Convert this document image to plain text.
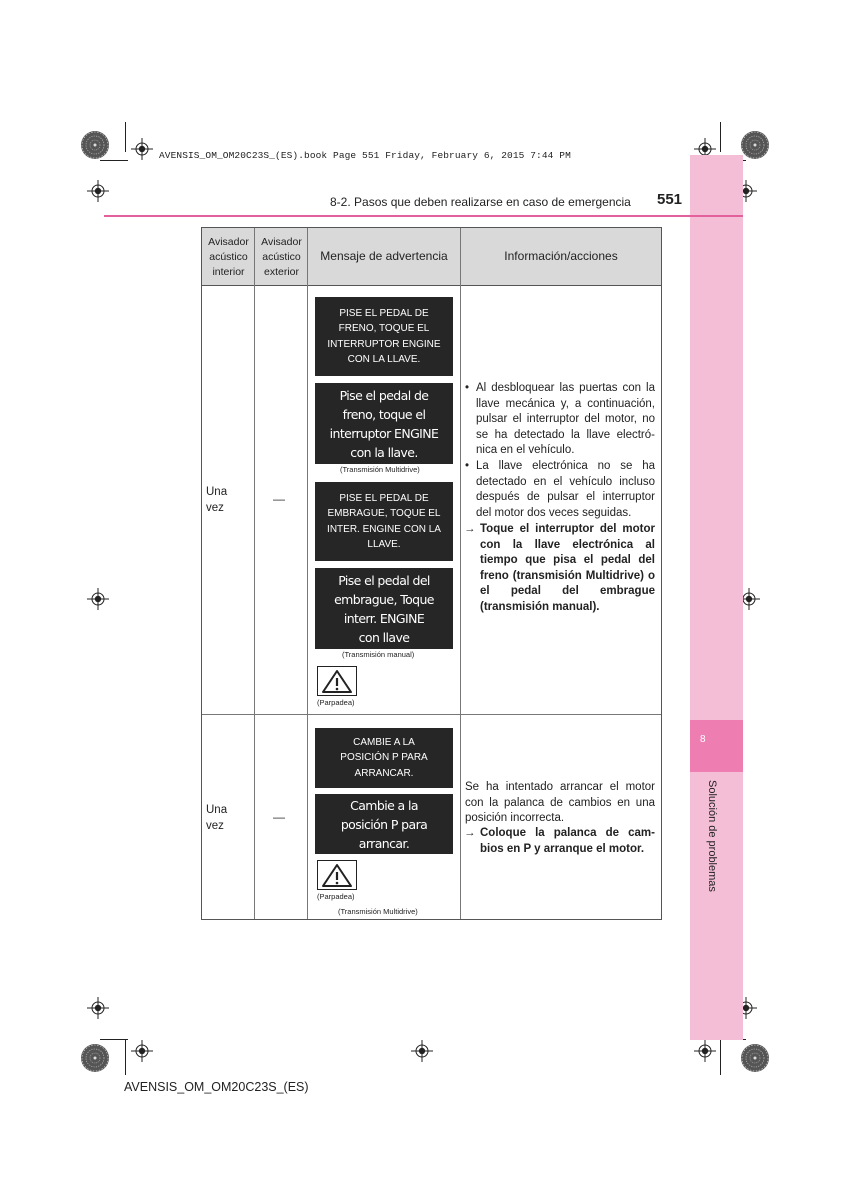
AVENSIS_OM_OM20C23S_(ES).book Page 551 Friday, February 6, 2015 7:44 PM
8
Solución de problemas
8-2. Pasos que deben realizarse en caso de emergencia 551
Avisador acústico interior
Avisador acústico exterior
Mensaje de advertencia	Información/acciones
Una vez
—
PISE EL PEDAL DE FRENO, TOQUE EL INTERRUPTOR ENGINE CON LA LLAVE.
Pise el pedal de freno, toque el interruptor ENGINE con la llave.
(Transmisión Multidrive)
PISE EL PEDAL DE EMBRAGUE, TOQUE EL INTER. ENGINE CON LA LLAVE.
Pise el pedal del embrague, Toque interr. ENGINE con llave
(Transmisión manual)
(Parpadea)
• Al desbloquear las puertas con la llave mecánica y, a continuación, pulsar el interruptor del motor, no se ha detectado la llave electró-nica en el vehículo.
• La llave electrónica no se ha detectado en el vehículo incluso después de pulsar el interruptor del motor dos veces seguidas.
→ Toque el interruptor del motor con la llave electrónica al tiempo que pisa el pedal del freno (transmisión Multidrive) o el pedal del embrague (transmisión manual).
Una vez
—
CAMBIE A LA POSICIÓN P PARA ARRANCAR.
Cambie a la posición P para arrancar.
(Parpadea)
(Transmisión Multidrive)
Se ha intentado arrancar el motor con la palanca de cambios en una posición incorrecta.
→ Coloque la palanca de cam-bios en P y arranque el motor.
AVENSIS_OM_OM20C23S_(ES)
